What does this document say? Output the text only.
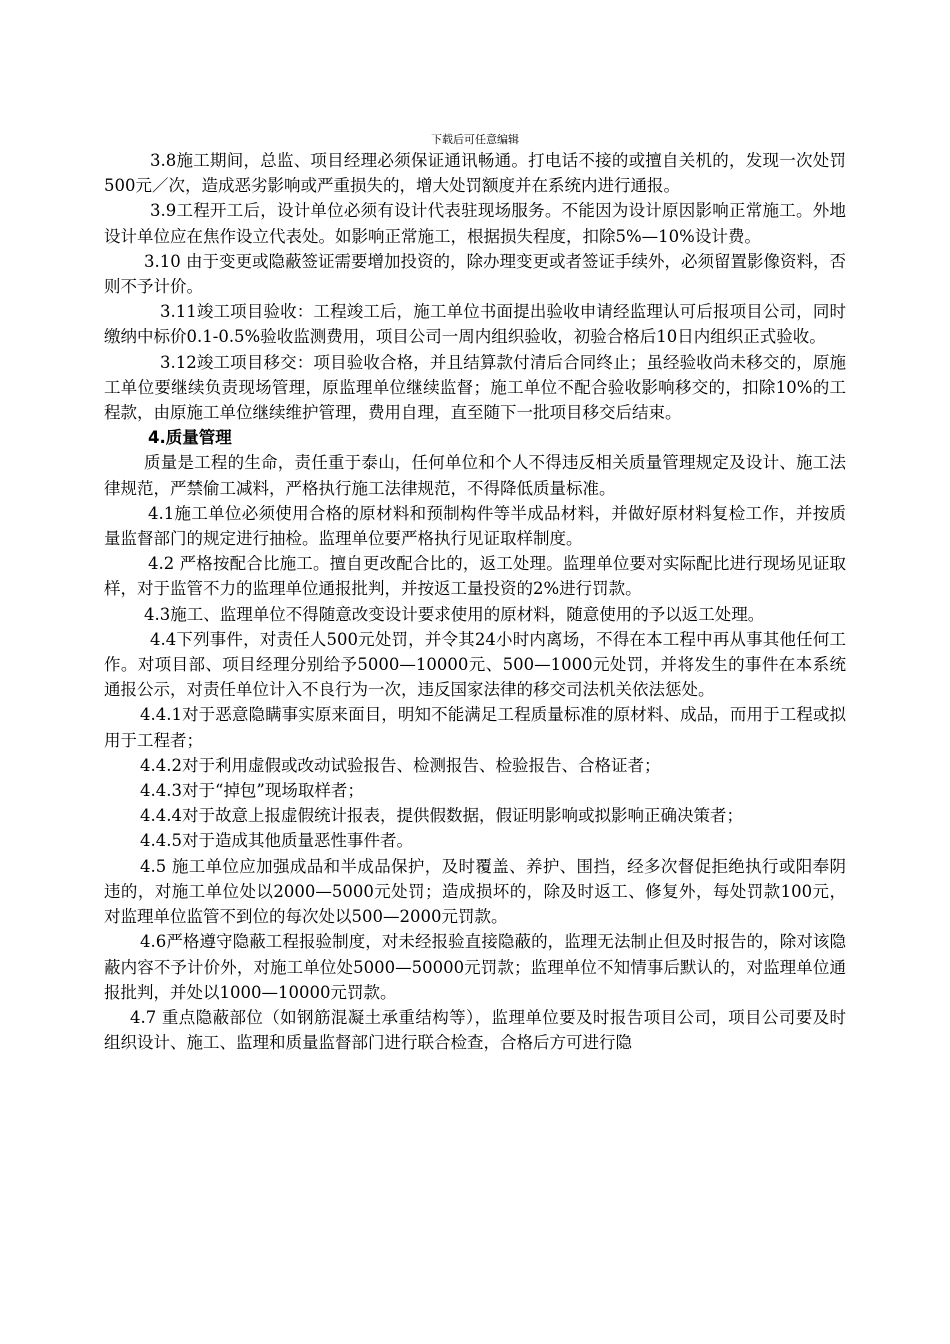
下载后可任意编辑

3.8施工期间，总监、项目经理必须保证通讯畅通。打电话不接的或擅自关机的，发现一次处罚500元／次，造成恶劣影响或严重损失的，增大处罚额度并在系统内进行通报。

3.9工程开工后，设计单位必须有设计代表驻现场服务。不能因为设计原因影响正常施工。外地设计单位应在焦作设立代表处。如影响正常施工，根据损失程度，扣除5%—10%设计费。

3.10 由于变更或隐蔽签证需要增加投资的，除办理变更或者签证手续外，必须留置影像资料，否则不予计价。

3.11竣工项目验收：工程竣工后，施工单位书面提出验收申请经监理认可后报项目公司，同时缴纳中标价0.1-0.5%验收监测费用，项目公司一周内组织验收，初验合格后10日内组织正式验收。

3.12竣工项目移交：项目验收合格，并且结算款付清后合同终止；虽经验收尚未移交的，原施工单位要继续负责现场管理，原监理单位继续监督；施工单位不配合验收影响移交的，扣除10%的工程款，由原施工单位继续维护管理，费用自理，直至随下一批项目移交后结束。

4.质量管理

质量是工程的生命，责任重于泰山，任何单位和个人不得违反相关质量管理规定及设计、施工法律规范，严禁偷工减料，严格执行施工法律规范，不得降低质量标准。

4.1施工单位必须使用合格的原材料和预制构件等半成品材料，并做好原材料复检工作，并按质量监督部门的规定进行抽检。监理单位要严格执行见证取样制度。

4.2 严格按配合比施工。擅自更改配合比的，返工处理。监理单位要对实际配比进行现场见证取样，对于监管不力的监理单位通报批判，并按返工量投资的2%进行罚款。

4.3施工、监理单位不得随意改变设计要求使用的原材料，随意使用的予以返工处理。

4.4下列事件，对责任人500元处罚，并令其24小时内离场，不得在本工程中再从事其他任何工作。对项目部、项目经理分别给予5000—10000元、500—1000元处罚，并将发生的事件在本系统通报公示，对责任单位计入不良行为一次，违反国家法律的移交司法机关依法惩处。

4.4.1对于恶意隐瞒事实原来面目，明知不能满足工程质量标准的原材料、成品，而用于工程或拟用于工程者；

4.4.2对于利用虚假或改动试验报告、检测报告、检验报告、合格证者；

4.4.3对于“掉包”现场取样者；

4.4.4对于故意上报虚假统计报表，提供假数据，假证明影响或拟影响正确决策者；

4.4.5对于造成其他质量恶性事件者。

4.5 施工单位应加强成品和半成品保护，及时覆盖、养护、围挡，经多次督促拒绝执行或阳奉阴违的，对施工单位处以2000—5000元处罚；造成损坏的，除及时返工、修复外，每处罚款100元，对监理单位监管不到位的每次处以500—2000元罚款。

4.6严格遵守隐蔽工程报验制度，对未经报验直接隐蔽的，监理无法制止但及时报告的，除对该隐蔽内容不予计价外，对施工单位处5000—50000元罚款；监理单位不知情事后默认的，对监理单位通报批判，并处以1000—10000元罚款。

4.7 重点隐蔽部位（如钢筋混凝土承重结构等），监理单位要及时报告项目公司，项目公司要及时组织设计、施工、监理和质量监督部门进行联合检查，合格后方可进行隐
